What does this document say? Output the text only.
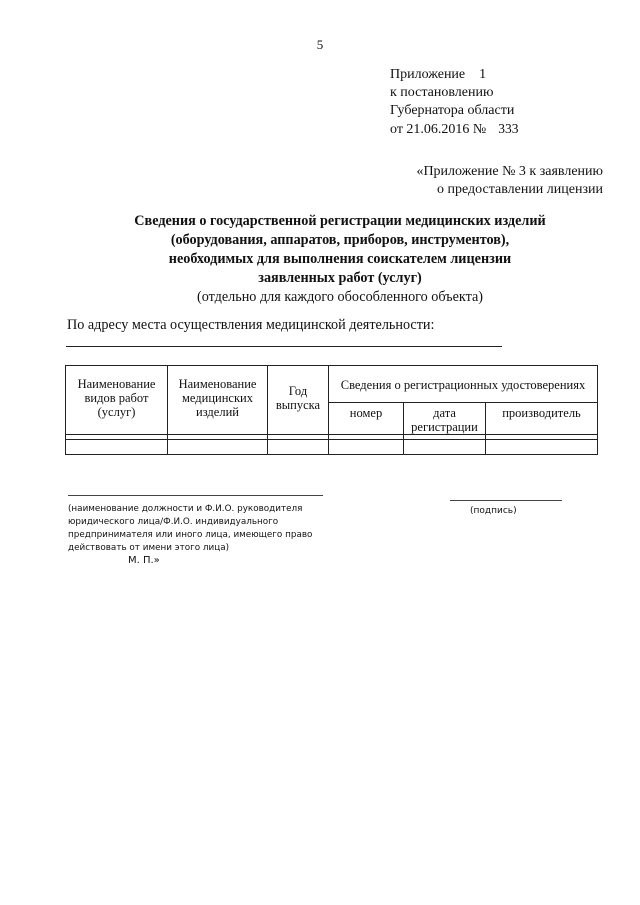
5
Приложение 1
к постановлению
Губернатора области
от 21.06.2016 № 333
«Приложение № 3 к заявлению
о предоставлении лицензии
Сведения о государственной регистрации медицинских изделий
(оборудования, аппаратов, приборов, инструментов),
необходимых для выполнения соискателем лицензии
заявленных работ (услуг)
(отдельно для каждого обособленного объекта)
По адресу места осуществления медицинской деятельности:
Наименование видов работ (услуг)	Наименование медицинских изделий	Год выпуска	Сведения о регистрационных удостоверениях		
			номер	дата регистрации	производитель

(наименование должности и Ф.И.О. руководителя
юридического лица/Ф.И.О. индивидуального
предпринимателя или иного лица, имеющего право
действовать от имени этого лица)
(подпись)
М. П.»
